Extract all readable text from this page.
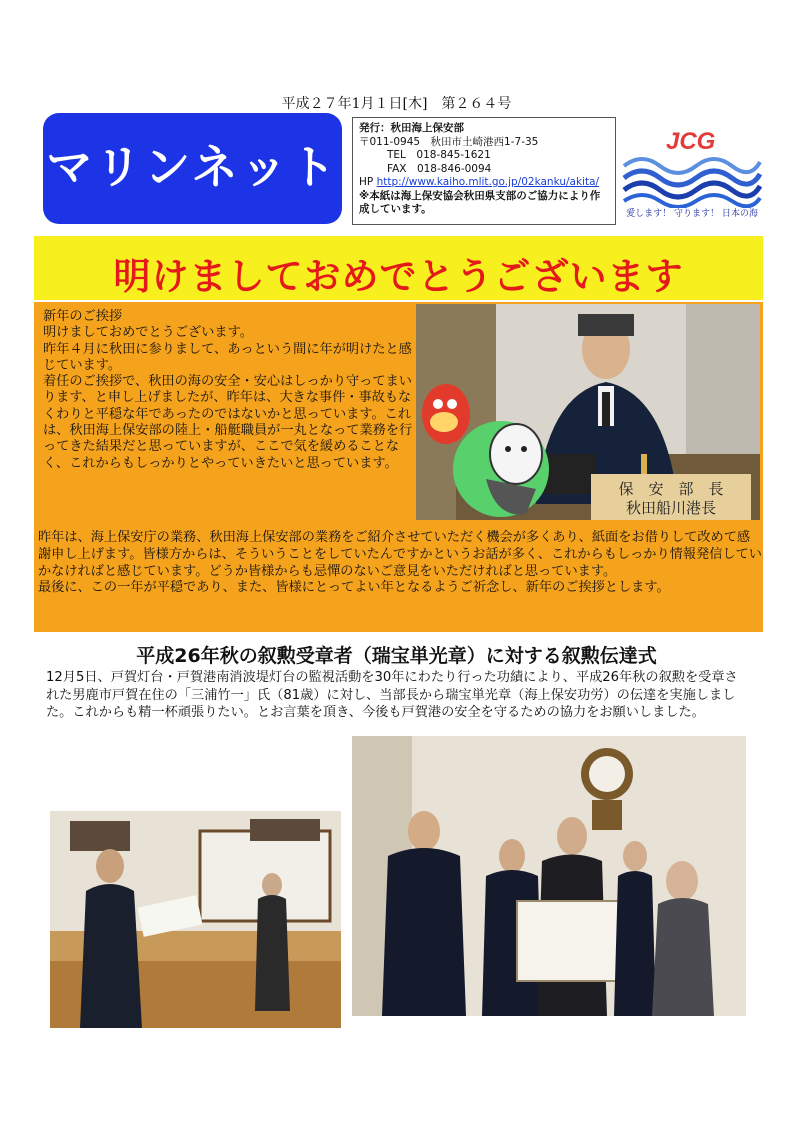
平成２７年1月１日[木]　第２６４号
マリンネット
発行：秋田海上保安部
〒011-0945　秋田市土崎港西1-7-35
TEL　018-845-1621
FAX　018-846-0094
HP http://www.kaiho.mlit.go.jp/02kanku/akita/
※本紙は海上保安協会秋田県支部のご協力により作成しています。
JCG
愛します！ 守ります！ 日本の海
明けましておめでとうございます

新年のご挨拶

明けましておめでとうございます。

昨年４月に秋田に参りまして、あっという間に年が明けたと感じています。

着任のご挨拶で、秋田の海の安全・安心はしっかり守ってまいります、と申し上げましたが、昨年は、大きな事件・事故もなくわりと平穏な年であったのではないかと思っています。これは、秋田海上保安部の陸上・船艇職員が一丸となって業務を行ってきた結果だと思っていますが、ここで気を緩めることなく、これからもしっかりとやっていきたいと思っています。

保　安　部　長
秋田船川港長

昨年は、海上保安庁の業務、秋田海上保安部の業務をご紹介させていただく機会が多くあり、紙面をお借りして改めて感謝申し上げます。皆様方からは、そういうことをしていたんですかというお話が多く、これからもしっかり情報発信していかなければと感じています。どうか皆様からも忌憚のないご意見をいただければと思っています。

最後に、この一年が平穏であり、また、皆様にとってよい年となるようご祈念し、新年のご挨拶とします。

平成26年秋の叙勲受章者（瑞宝単光章）に対する叙勲伝達式
12月5日、戸賀灯台・戸賀港南消波堤灯台の監視活動を30年にわたり行った功績により、平成26年秋の叙勲を受章された男鹿市戸賀在住の「三浦竹一」氏（81歳）に対し、当部長から瑞宝単光章（海上保安功労）の伝達を実施しました。これからも精一杯頑張りたい。とお言葉を頂き、今後も戸賀港の安全を守るための協力をお願いしました。
